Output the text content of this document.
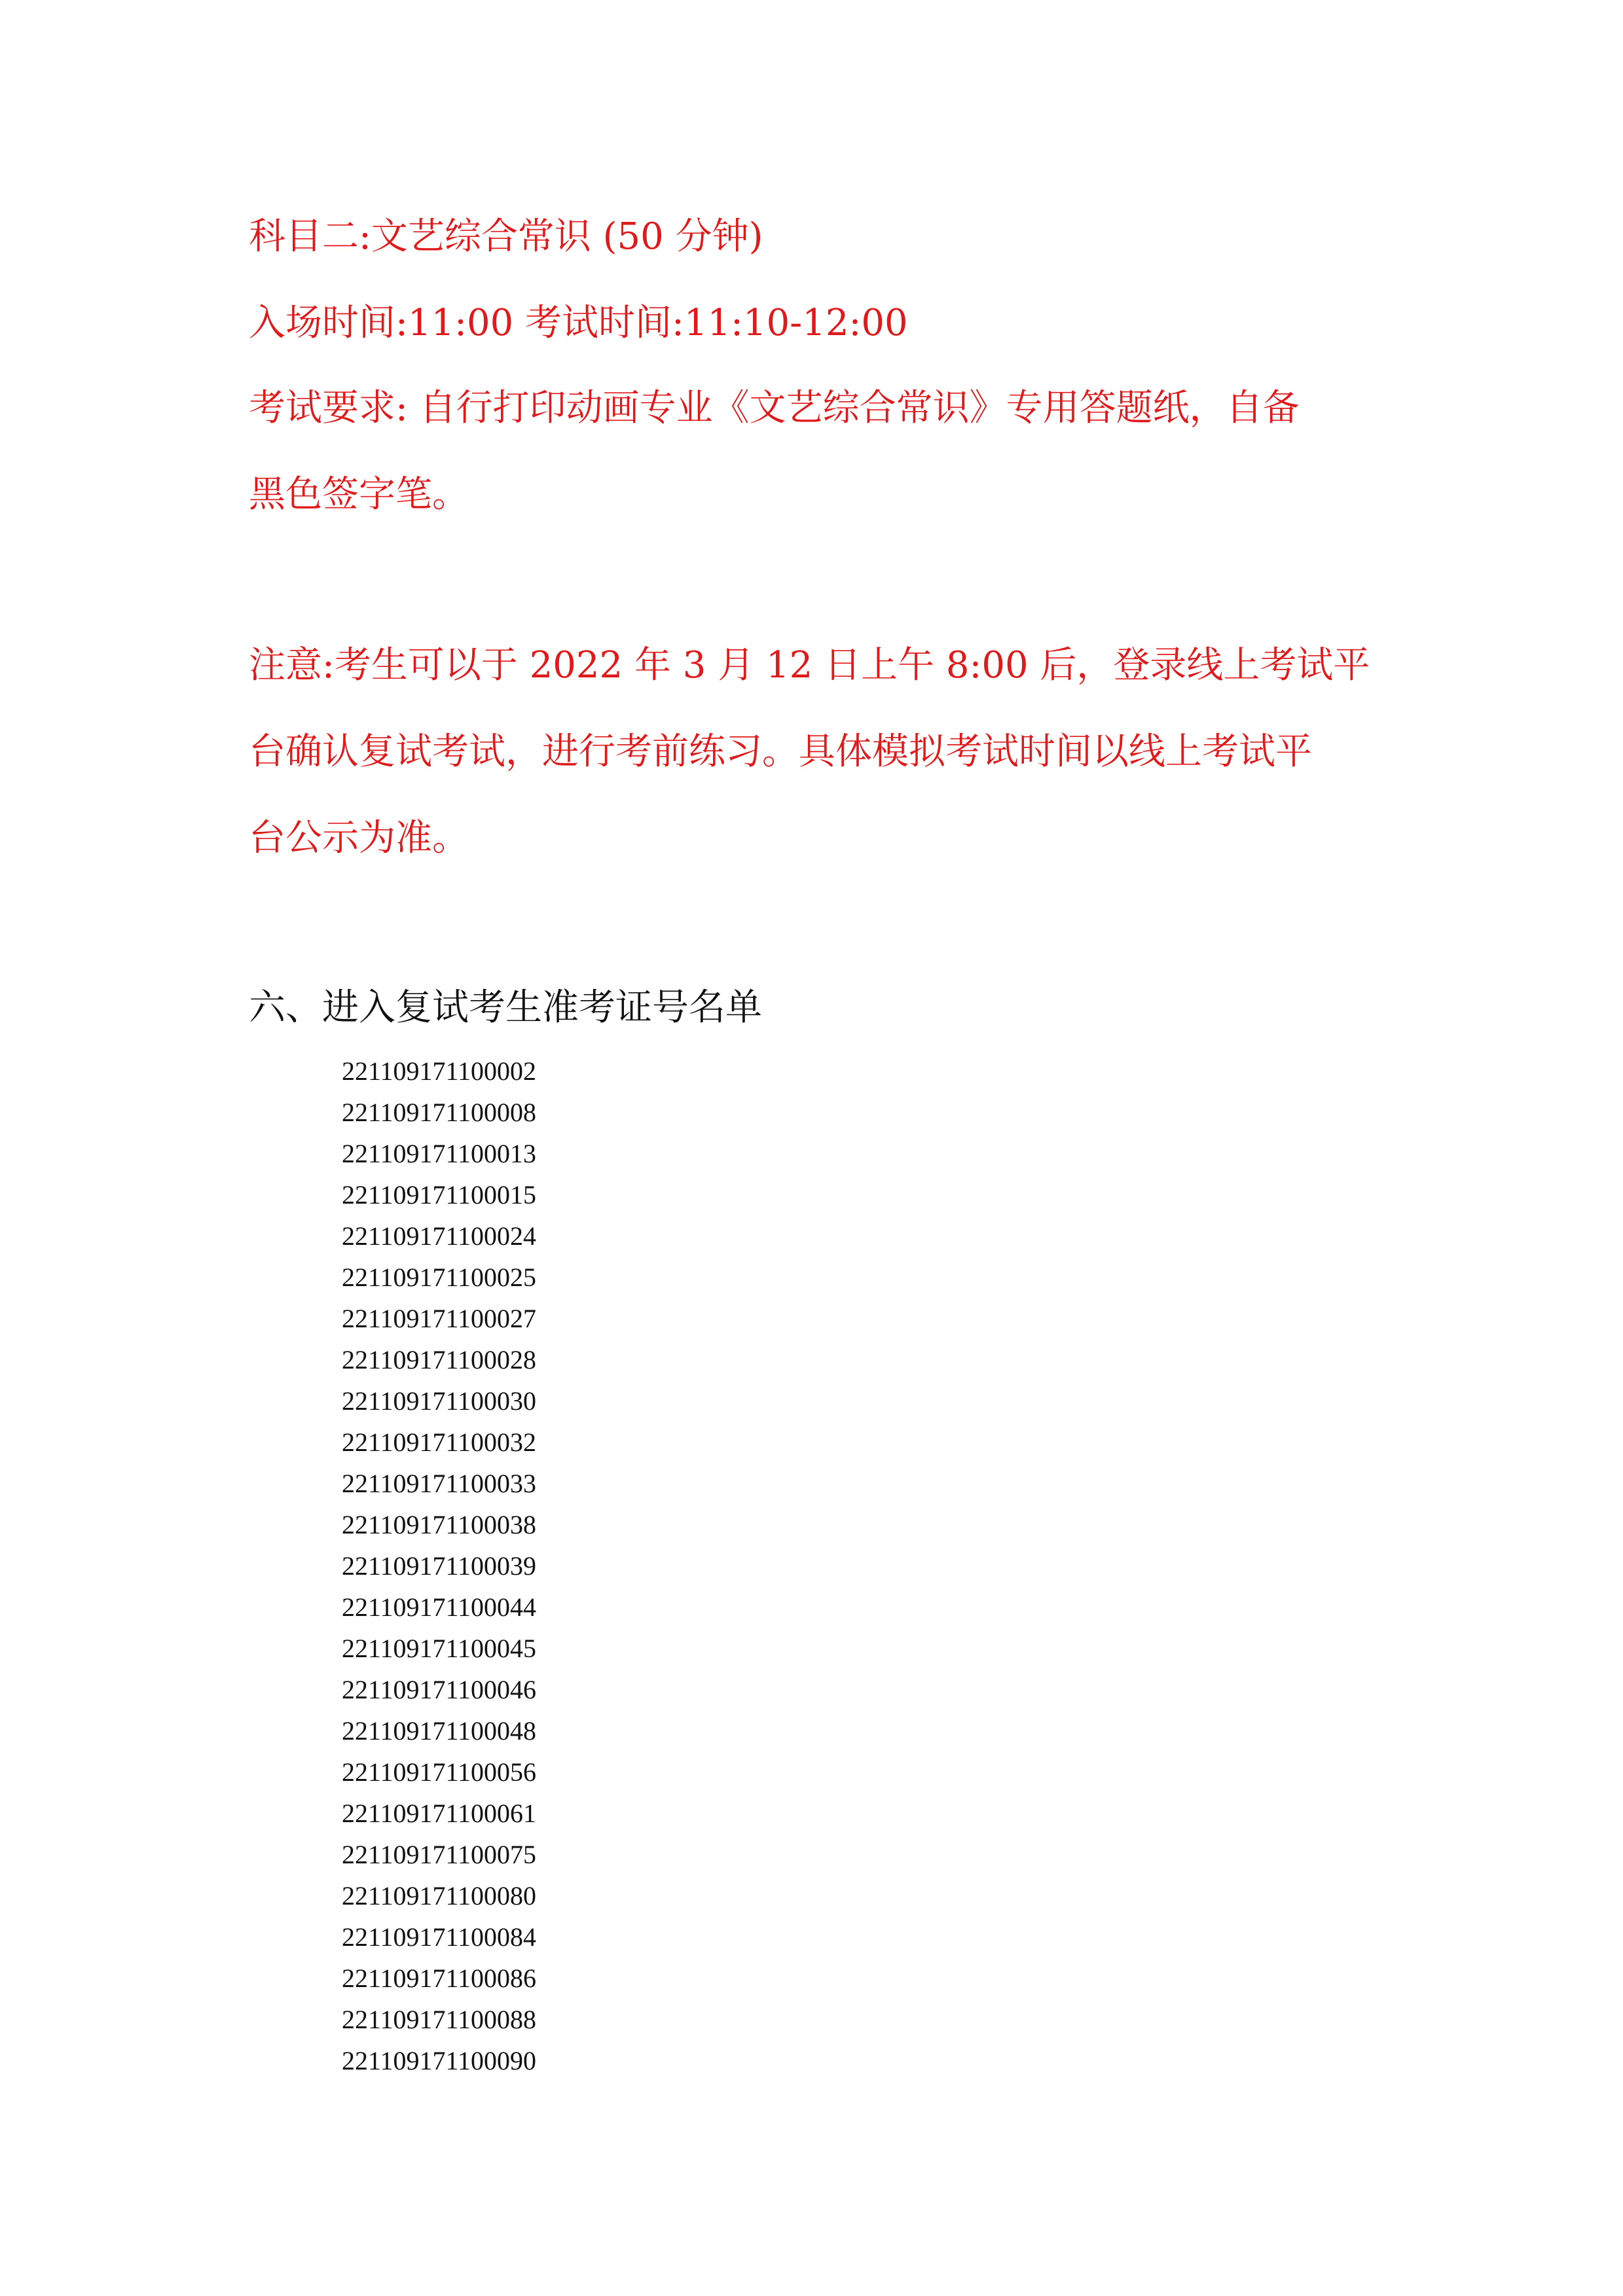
科目二:文艺综合常识 (50 分钟)
入场时间:11:00 考试时间:11:10-12:00
考试要求: 自行打印动画专业《文艺综合常识》专用答题纸，自备
黑色签字笔。
注意:考生可以于 2022 年 3 月 12 日上午 8:00 后，登录线上考试平
台确认复试考试，进行考前练习。具体模拟考试时间以线上考试平
台公示为准。
六、进入复试考生准考证号名单
221109171100002
221109171100008
221109171100013
221109171100015
221109171100024
221109171100025
221109171100027
221109171100028
221109171100030
221109171100032
221109171100033
221109171100038
221109171100039
221109171100044
221109171100045
221109171100046
221109171100048
221109171100056
221109171100061
221109171100075
221109171100080
221109171100084
221109171100086
221109171100088
221109171100090
